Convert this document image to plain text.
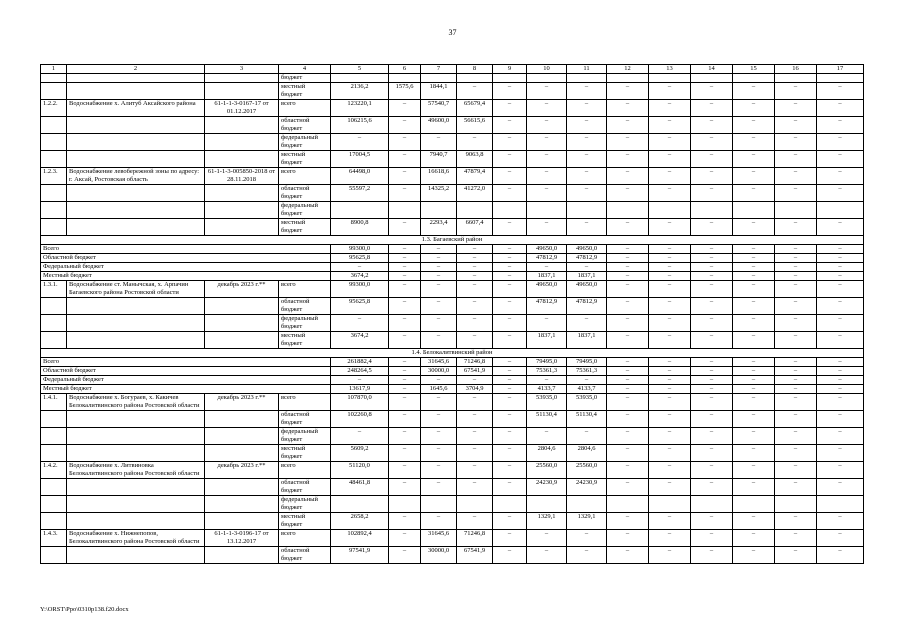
37
1	2	3	4	5	6	7	8	9	10	11	12	13	14	15	16	17
			бюджет													
			местный бюджет	2136,2	1575,6	1844,1	–	–	–	–	–	–	–	–	–	–
1.2.2.	Водоснабжение х. Алитуб Аксайского района	61-1-1-3-0167-17 от 01.12.2017	всего	123220,1	–	57540,7	65679,4	–	–	–	–	–	–	–	–	–
			областной бюджет	106215,6	–	49600,0	56615,6	–	–	–	–	–	–	–	–	–
			федеральный бюджет	–	–	–	–	–	–	–	–	–	–	–	–	–
			местный бюджет	17004,5	–	7940,7	9063,8	–	–	–	–	–	–	–	–	–
1.2.3.	Водоснабжение левобережной зоны по адресу: г. Аксай, Ростовская область	61-1-1-3-005850-2018 от 28.11.2018	всего	64498,0	–	16618,6	47879,4	–	–	–	–	–	–	–	–	–
			областной бюджет	55597,2	–	14325,2	41272,0	–	–	–	–	–	–	–	–	–
			федеральный бюджет													
			местный бюджет	8900,8	–	2293,4	6607,4	–	–	–	–	–	–	–	–	–
1.3. Багаевский район																
Всего				99300,0	–	–	–	–	49650,0	49650,0	–	–	–	–	–	–
Областной бюджет				95625,8	–	–	–	–	47812,9	47812,9	–	–	–	–	–	–
Федеральный бюджет				–	–	–	–	–	–	–	–	–	–	–	–	–
Местный бюджет				3674,2	–	–	–	–	1837,1	1837,1	–	–	–	–	–	–
1.3.1.	Водоснабжение ст. Манычская, х. Арпачин Багаевского района Ростовской области	декабрь 2023 г.**	всего	99300,0	–	–	–	–	49650,0	49650,0	–	–	–	–	–	–
			областной бюджет	95625,8	–	–	–	–	47812,9	47812,9	–	–	–	–	–	–
			федеральный бюджет	–	–	–	–	–	–	–	–	–	–	–	–	–
			местный бюджет	3674,2	–	–	–	–	1837,1	1837,1	–	–	–	–	–	–
1.4. Белокалитвинский район																
Всего				261882,4	–	31645,6	71246,8	–	79495,0	79495,0	–	–	–	–	–	–
Областной бюджет				248264,5	–	30000,0	67541,9	–	75361,3	75361,3	–	–	–	–	–	–
Федеральный бюджет				–	–	–	–	–	–	–	–	–	–	–	–	–
Местный бюджет				13617,9	–	1645,6	3704,9	–	4133,7	4133,7	–	–	–	–	–	–
1.4.1.	Водоснабжение х. Богураев, х. Какичев Белокалитвинского района Ростовской области	декабрь 2023 г.**	всего	107870,0	–	–	–	–	53935,0	53935,0	–	–	–	–	–	–
			областной бюджет	102260,8	–	–	–	–	51130,4	51130,4	–	–	–	–	–	–
			федеральный бюджет	–	–	–	–	–	–	–	–	–	–	–	–	–
			местный бюджет	5609,2	–	–	–	–	2804,6	2804,6	–	–	–	–	–	–
1.4.2.	Водоснабжение х. Литвиновка Белокалитвинского района Ростовской области	декабрь 2023 г.**	всего	51120,0	–	–	–	–	25560,0	25560,0	–	–	–	–	–	–
			областной бюджет	48461,8	–	–	–	–	24230,9	24230,9	–	–	–	–	–	–
			федеральный бюджет													
			местный бюджет	2658,2	–	–	–	–	1329,1	1329,1	–	–	–	–	–	–
1.4.3.	Водоснабжение х. Нижнепопов, Белокалитвинского района Ростовской области	61-1-1-3-0196-17 от 13.12.2017	всего	102892,4	–	31645,6	71246,8	–	–	–	–	–	–	–	–	–
			областной бюджет	97541,9	–	30000,0	67541,9	–	–	–	–	–	–	–	–	–
Y:\ORST\Ppo\0310p138.f20.docx
